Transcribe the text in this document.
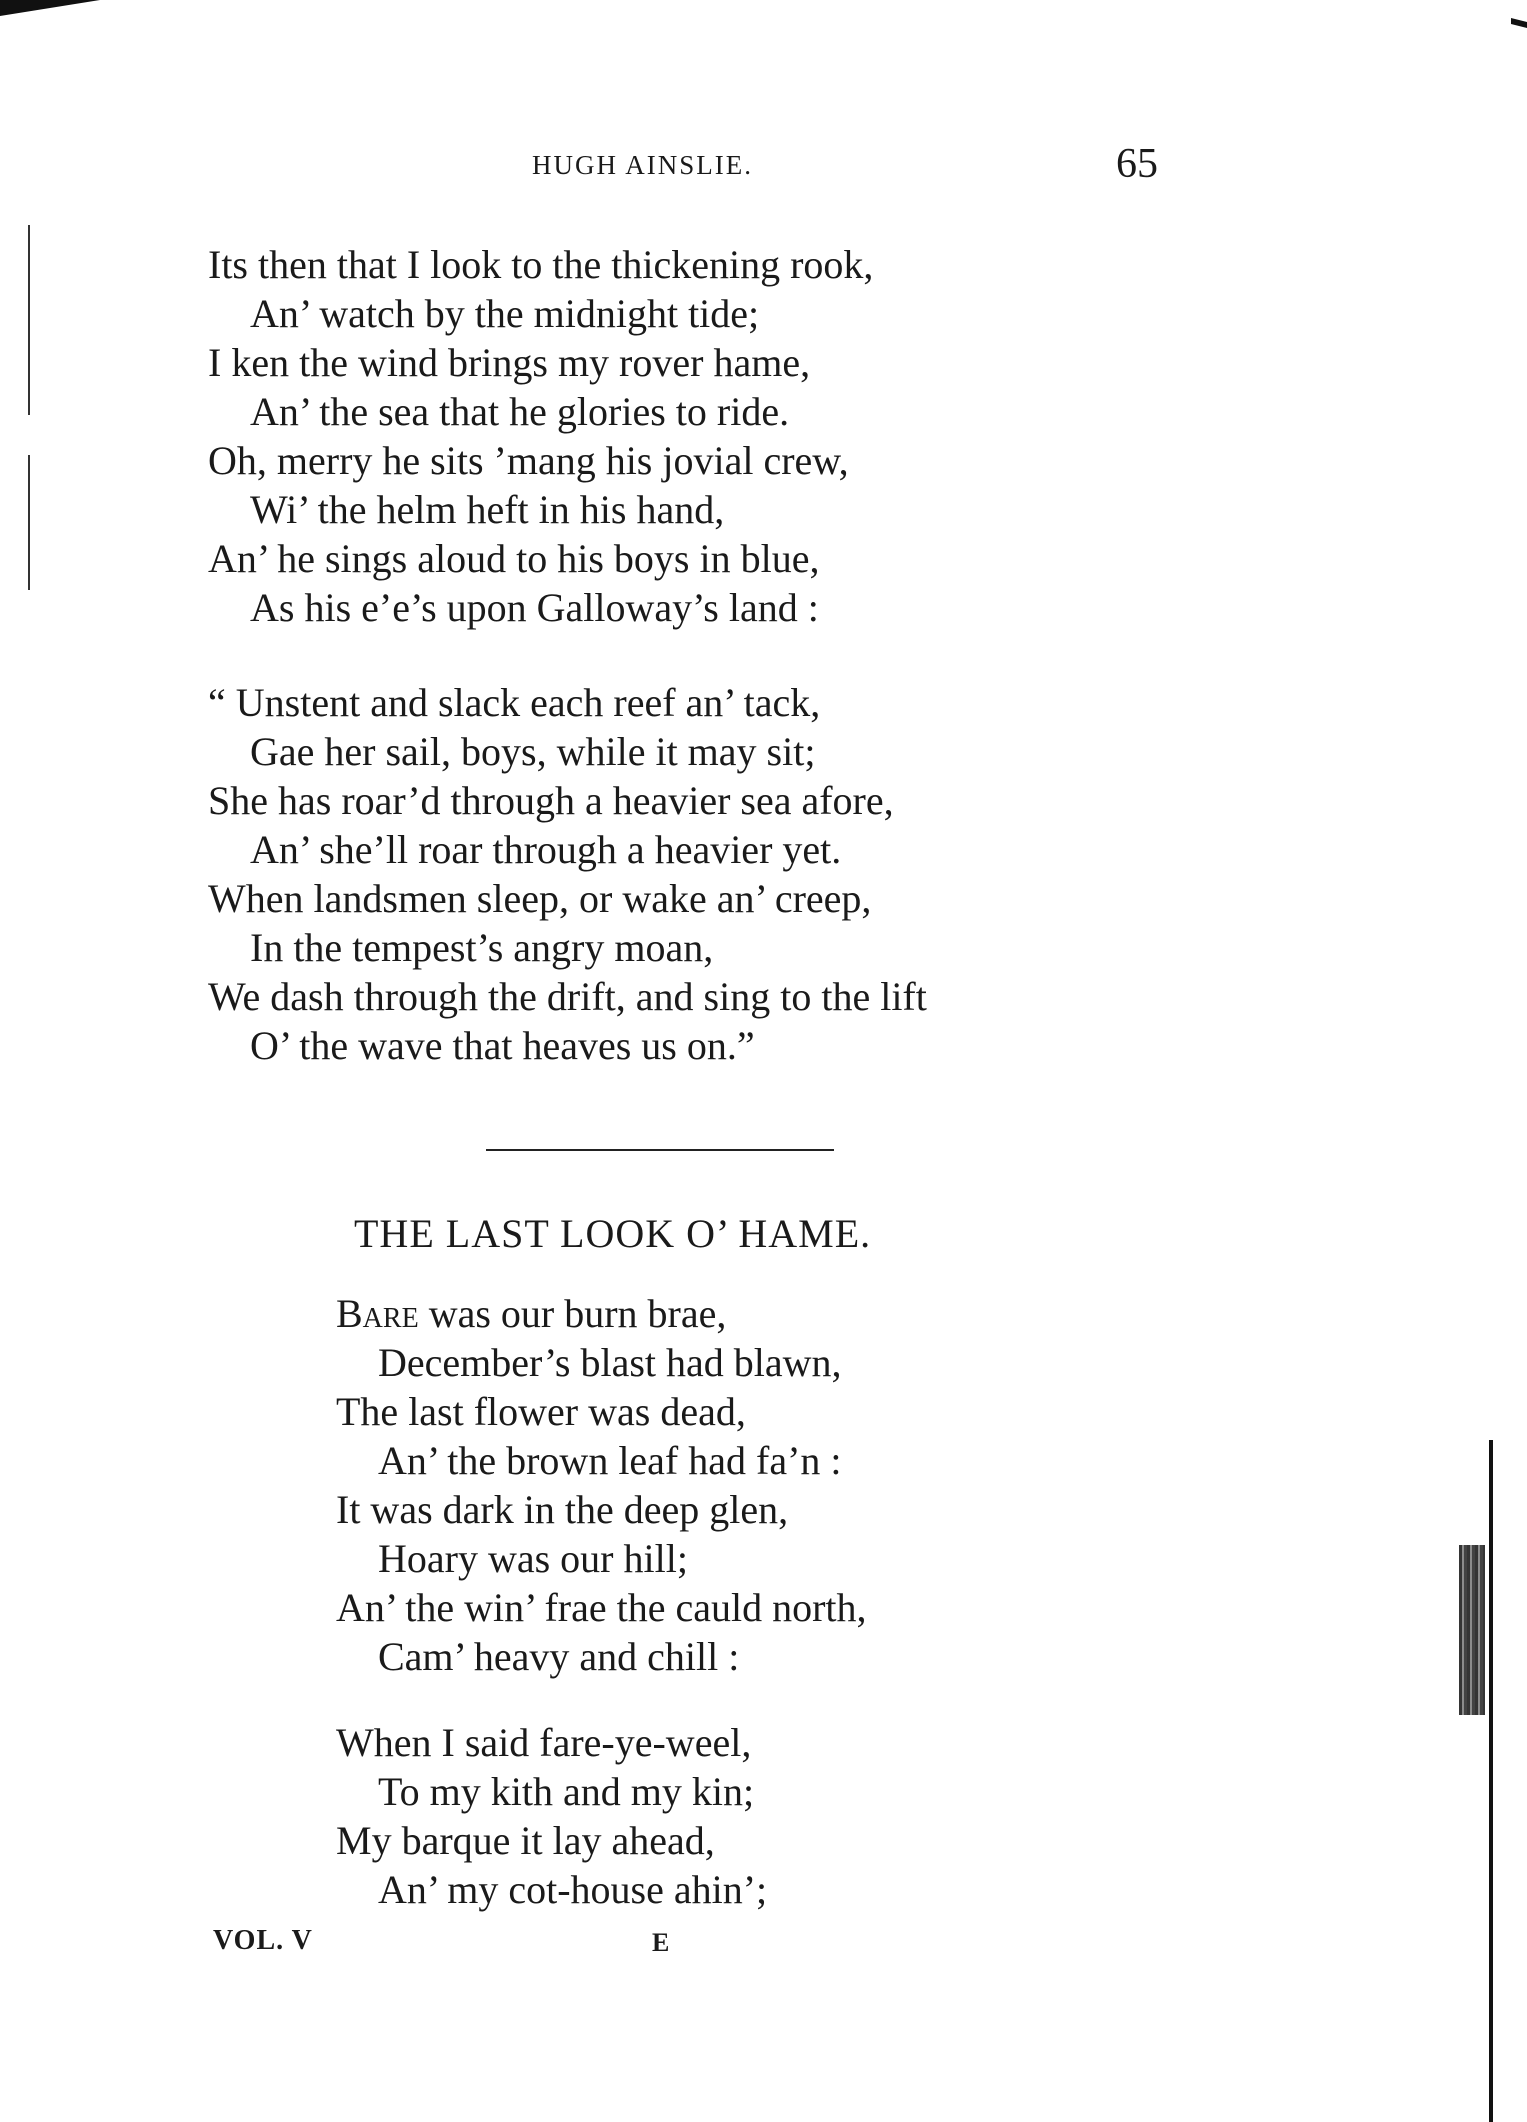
HUGH AINSLIE.	65

Its then that I look to the thickening rook,
An’ watch by the midnight tide;
I ken the wind brings my rover hame,
An’ the sea that he glories to ride.
Oh, merry he sits ’mang his jovial crew,
Wi’ the helm heft in his hand,
An’ he sings aloud to his boys in blue,
As his e’e’s upon Galloway’s land :

“ Unstent and slack each reef an’ tack,
Gae her sail, boys, while it may sit;
She has roar’d through a heavier sea afore,
An’ she’ll roar through a heavier yet.
When landsmen sleep, or wake an’ creep,
In the tempest’s angry moan,
We dash through the drift, and sing to the lift
O’ the wave that heaves us on.”

THE LAST LOOK O’ HAME.

Bare was our burn brae,
December’s blast had blawn,
The last flower was dead,
An’ the brown leaf had fa’n :
It was dark in the deep glen,
Hoary was our hill;
An’ the win’ frae the cauld north,
Cam’ heavy and chill :

When I said fare-ye-weel,
To my kith and my kin;
My barque it lay ahead,
An’ my cot-house ahin’;

VOL. V	E
